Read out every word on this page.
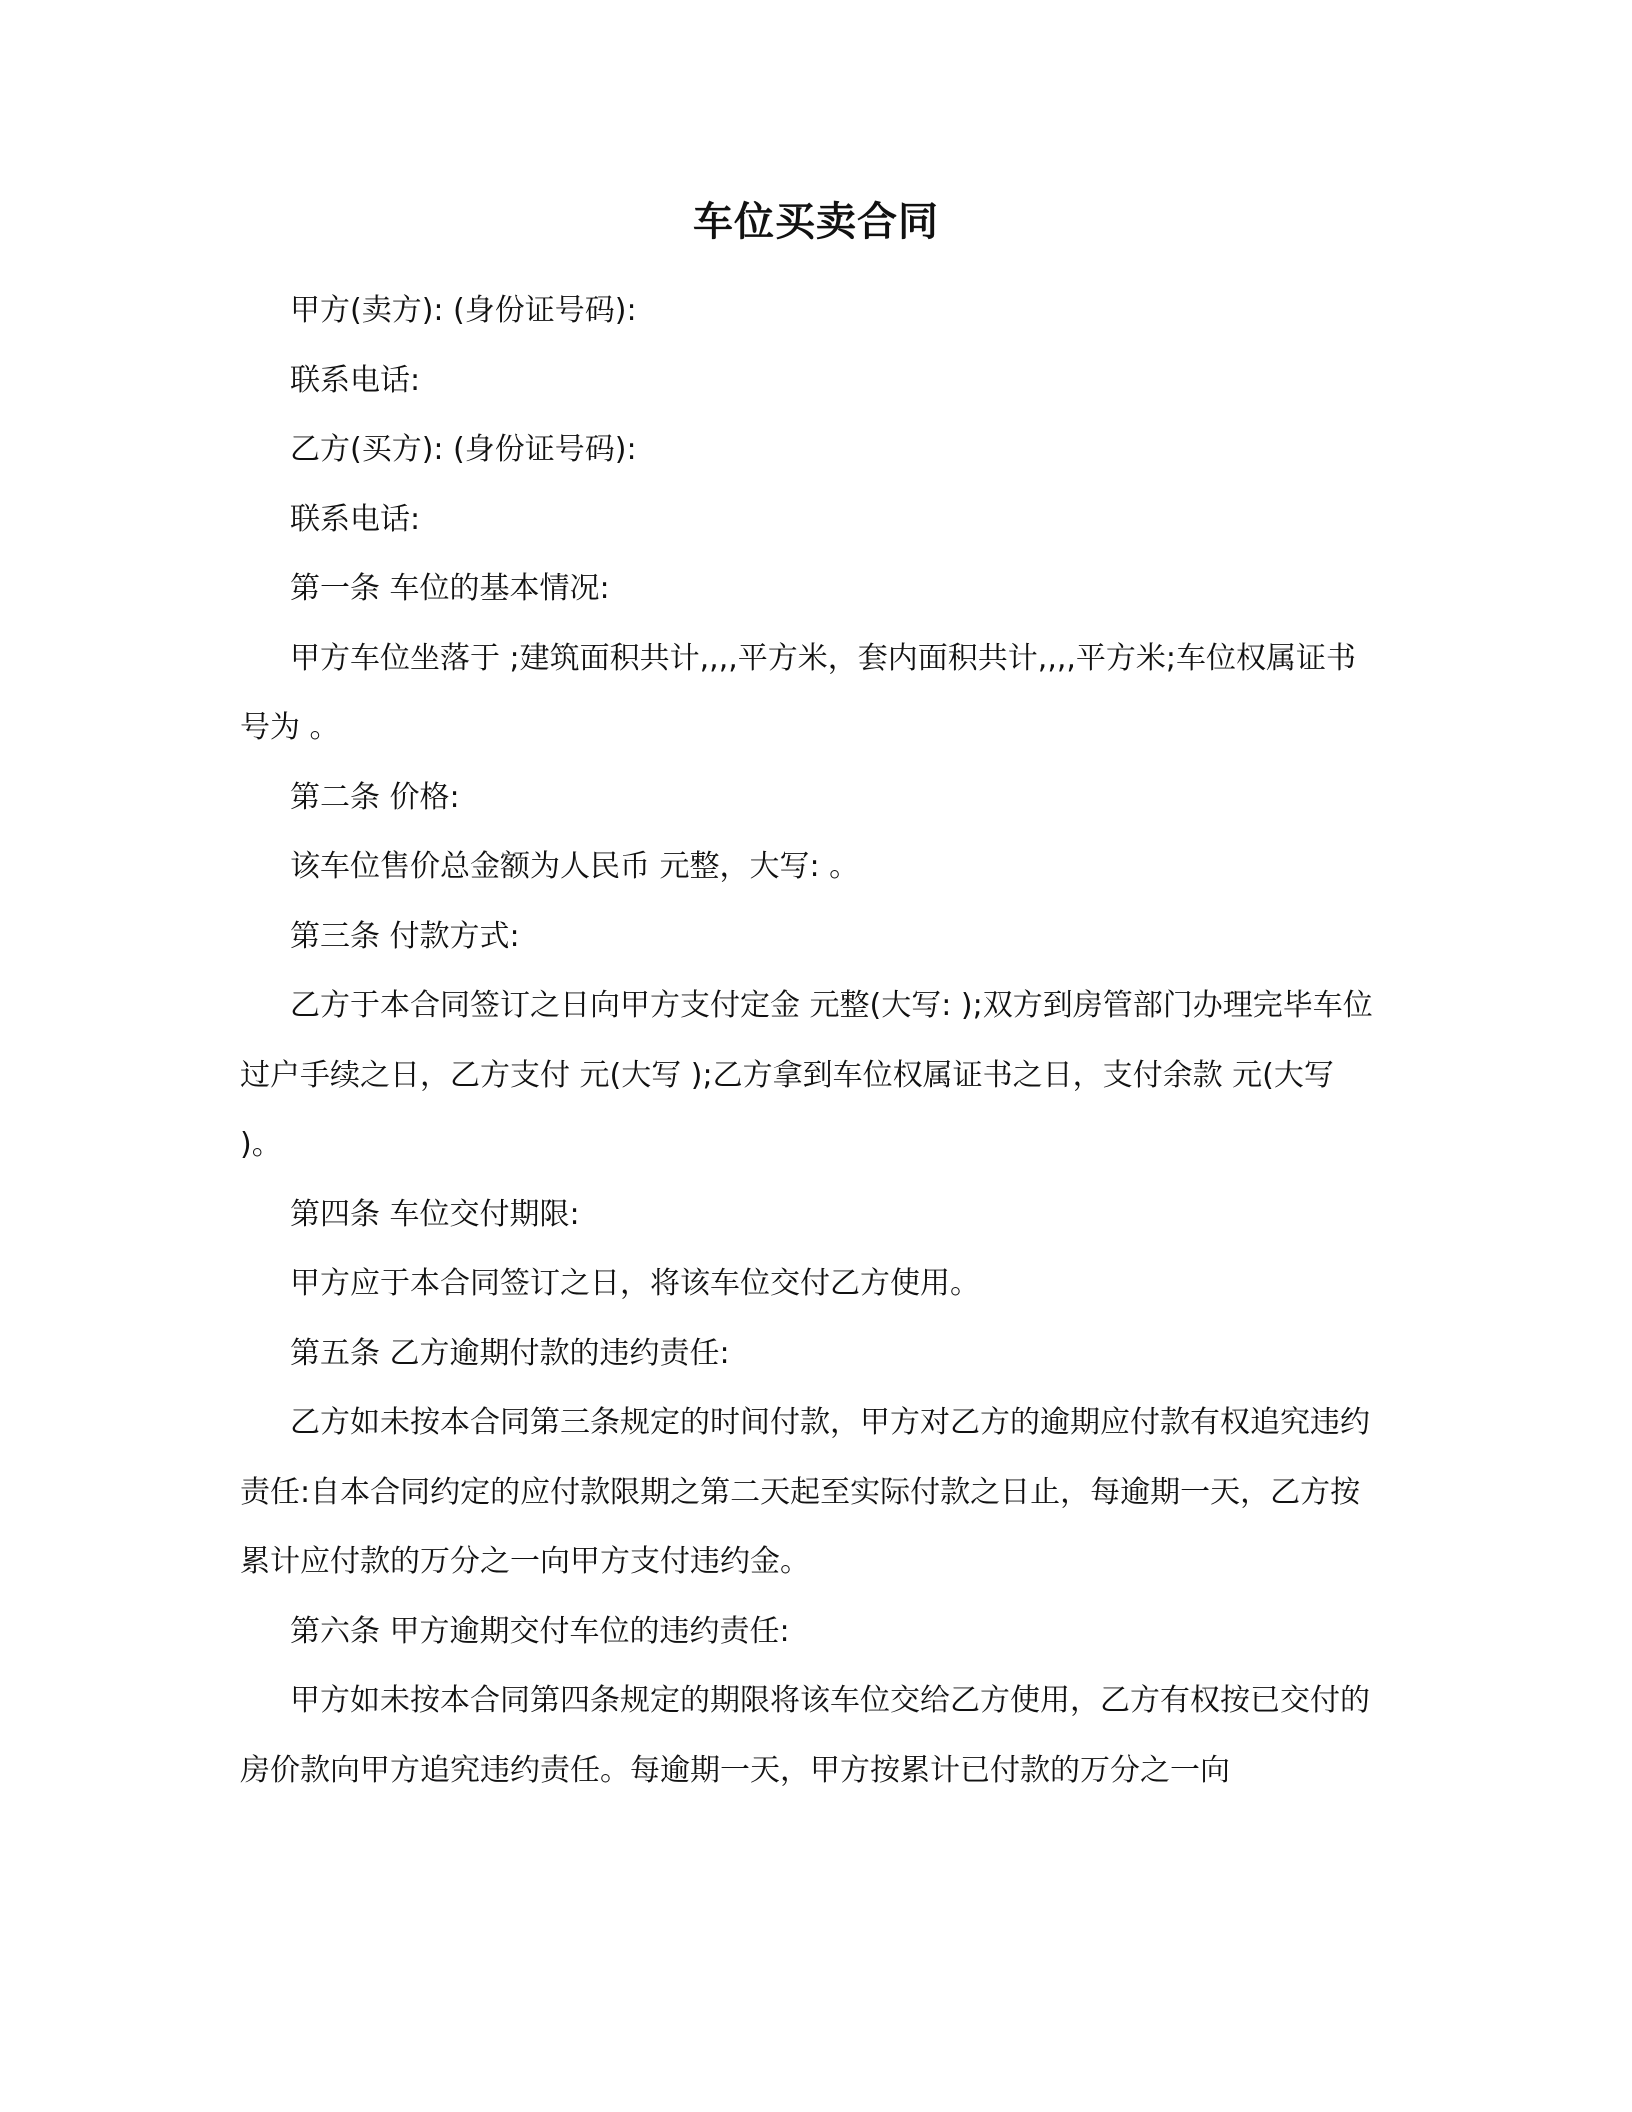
车位买卖合同

甲方(卖方): (身份证号码):

联系电话:

乙方(买方): (身份证号码):

联系电话:

第一条 车位的基本情况:

甲方车位坐落于 ;建筑面积共计,,,,平方米，套内面积共计,,,,平方米;车位权属证书号为 。

第二条 价格:

该车位售价总金额为人民币 元整，大写: 。

第三条 付款方式:

乙方于本合同签订之日向甲方支付定金 元整(大写: );双方到房管部门办理完毕车位过户手续之日，乙方支付 元(大写 );乙方拿到车位权属证书之日，支付余款 元(大写 )。

第四条 车位交付期限:

甲方应于本合同签订之日，将该车位交付乙方使用。

第五条 乙方逾期付款的违约责任:

乙方如未按本合同第三条规定的时间付款，甲方对乙方的逾期应付款有权追究违约责任:自本合同约定的应付款限期之第二天起至实际付款之日止，每逾期一天，乙方按累计应付款的万分之一向甲方支付违约金。

第六条 甲方逾期交付车位的违约责任:

甲方如未按本合同第四条规定的期限将该车位交给乙方使用，乙方有权按已交付的房价款向甲方追究违约责任。每逾期一天，甲方按累计已付款的万分之一向
